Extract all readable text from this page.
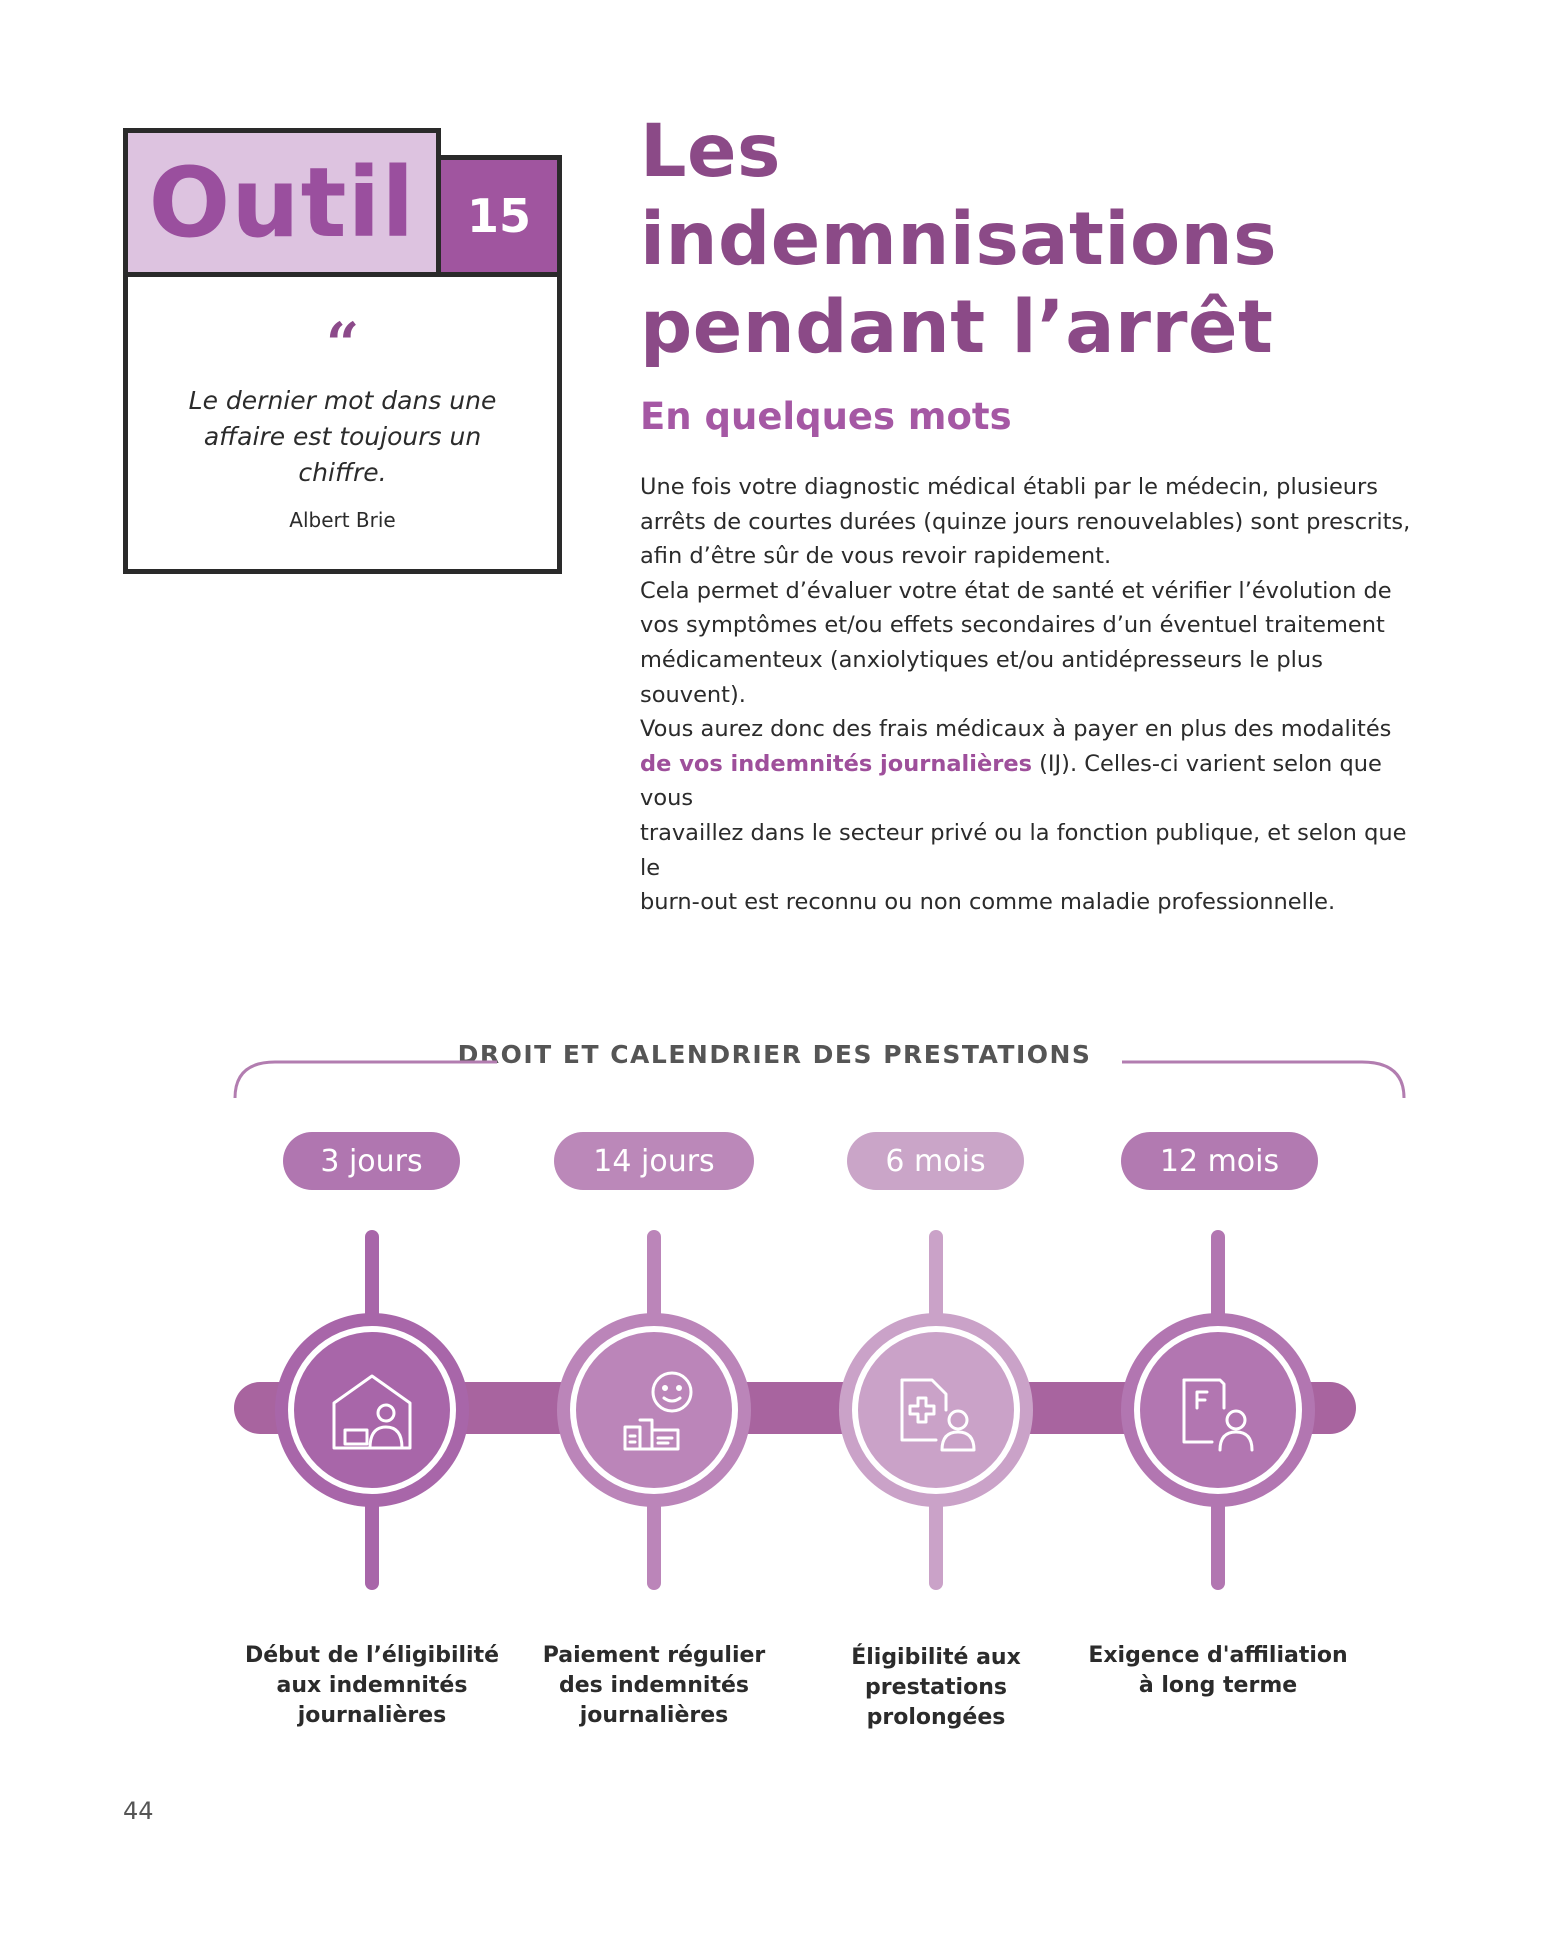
Outil	15
“
Le dernier mot dans une
affaire est toujours un
chiffre.
Albert Brie
Les
indemnisations
pendant l’arrêt
En quelques mots

Une fois votre diagnostic médical établi par le médecin, plusieurs

arrêts de courtes durées (quinze jours renouvelables) sont prescrits,

afin d’être sûr de vous revoir rapidement.

Cela permet d’évaluer votre état de santé et vérifier l’évolution de

vos symptômes et/ou effets secondaires d’un éventuel traitement

médicamenteux (anxiolytiques et/ou antidépresseurs le plus souvent).

Vous aurez donc des frais médicaux à payer en plus des modalités

de vos indemnités journalières (IJ). Celles-ci varient selon que vous

travaillez dans le secteur privé ou la fonction publique, et selon que le

burn-out est reconnu ou non comme maladie professionnelle.

DROIT ET CALENDRIER DES PRESTATIONS
3 jours	14 jours	6 mois	12 mois
Début de l’éligibilité
aux indemnités
journalières
Paiement régulier
des indemnités
journalières
Éligibilité aux
prestations
prolongées
Exigence d'affiliation
à long terme
44
